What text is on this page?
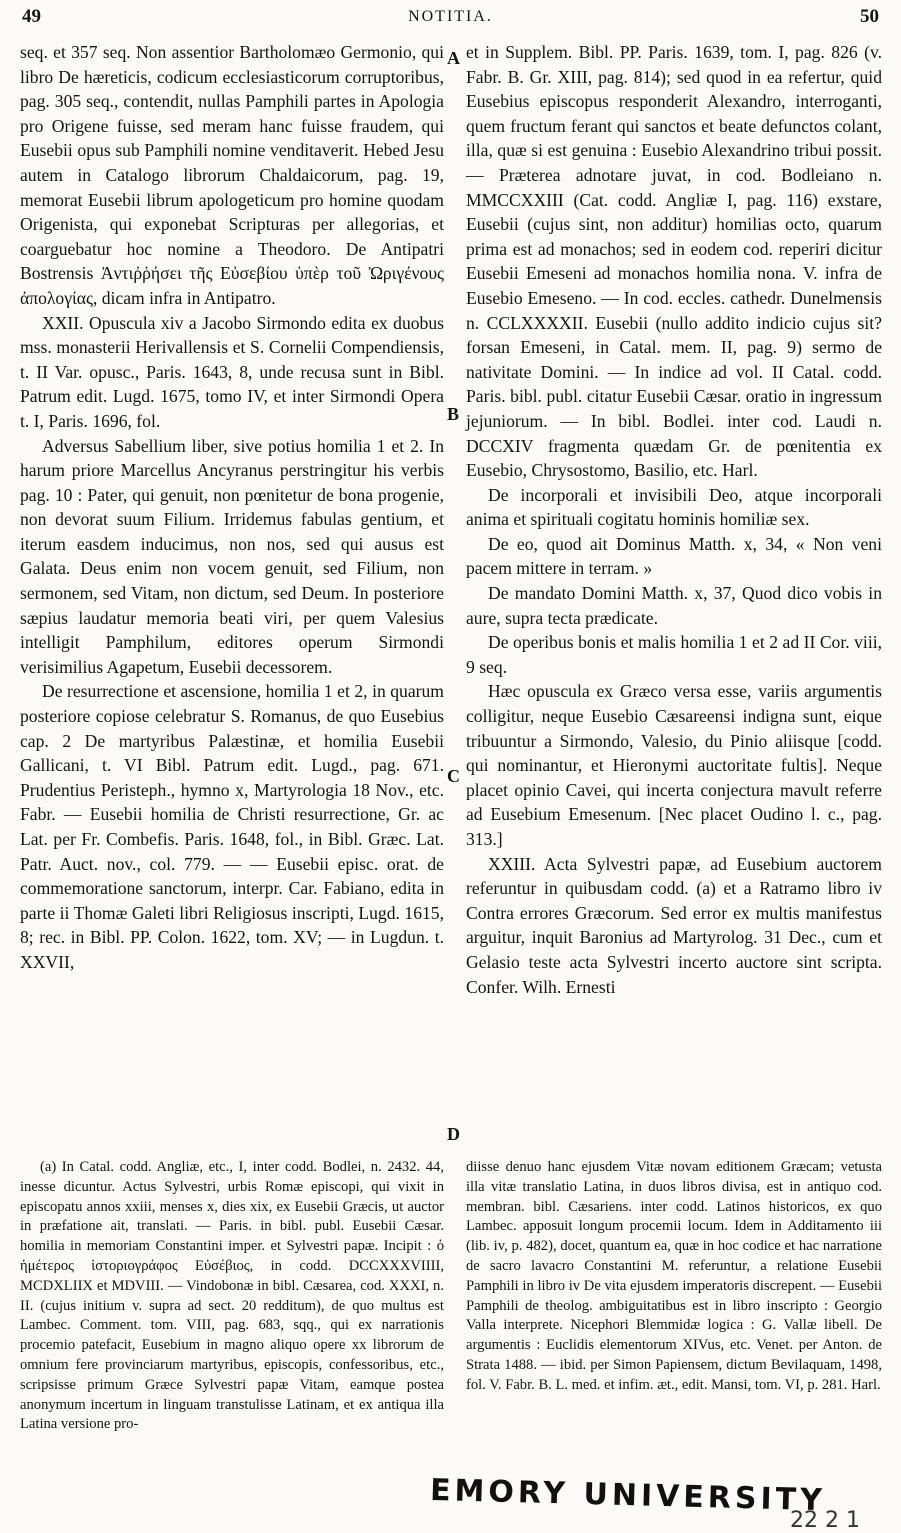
49	NOTITIA.	50
A
B
C
D

seq. et 357 seq. Non assentior Bartholomæo Germonio, qui libro De hæreticis, codicum ecclesiasticorum corruptoribus, pag. 305 seq., contendit, nullas Pamphili partes in Apologia pro Origene fuisse, sed meram hanc fuisse fraudem, qui Eusebii opus sub Pamphili nomine venditaverit. Hebed Jesu autem in Catalogo librorum Chaldaicorum, pag. 19, memorat Eusebii librum apologeticum pro homine quodam Origenista, qui exponebat Scripturas per allegorias, et coarguebatur hoc nomine a Theodoro. De Antipatri Bostrensis Ἀντιῤῥήσει τῆς Εὐσεβίου ὑπὲρ τοῦ Ὠριγένους ἀπολογίας, dicam infra in Antipatro.

XXII. Opuscula xiv a Jacobo Sirmondo edita ex duobus mss. monasterii Herivallensis et S. Cornelii Compendiensis, t. II Var. opusc., Paris. 1643, 8, unde recusa sunt in Bibl. Patrum edit. Lugd. 1675, tomo IV, et inter Sirmondi Opera t. I, Paris. 1696, fol.

Adversus Sabellium liber, sive potius homilia 1 et 2. In harum priore Marcellus Ancyranus perstringitur his verbis pag. 10 : Pater, qui genuit, non pœnitetur de bona progenie, non devorat suum Filium. Irridemus fabulas gentium, et iterum easdem inducimus, non nos, sed qui ausus est Galata. Deus enim non vocem genuit, sed Filium, non sermonem, sed Vitam, non dictum, sed Deum. In posteriore sæpius laudatur memoria beati viri, per quem Valesius intelligit Pamphilum, editores operum Sirmondi verisimilius Agapetum, Eusebii decessorem.

De resurrectione et ascensione, homilia 1 et 2, in quarum posteriore copiose celebratur S. Romanus, de quo Eusebius cap. 2 De martyribus Palæstinæ, et homilia Eusebii Gallicani, t. VI Bibl. Patrum edit. Lugd., pag. 671. Prudentius Peristeph., hymno x, Martyrologia 18 Nov., etc. Fabr. — Eusebii homilia de Christi resurrectione, Gr. ac Lat. per Fr. Combefis. Paris. 1648, fol., in Bibl. Græc. Lat. Patr. Auct. nov., col. 779. — — Eusebii episc. orat. de commemoratione sanctorum, interpr. Car. Fabiano, edita in parte ii Thomæ Galeti libri Religiosus inscripti, Lugd. 1615, 8; rec. in Bibl. PP. Colon. 1622, tom. XV; — in Lugdun. t. XXVII,

et in Supplem. Bibl. PP. Paris. 1639, tom. I, pag. 826 (v. Fabr. B. Gr. XIII, pag. 814); sed quod in ea refertur, quid Eusebius episcopus responderit Alexandro, interroganti, quem fructum ferant qui sanctos et beate defunctos colant, illa, quæ si est genuina : Eusebio Alexandrino tribui possit. — Præterea adnotare juvat, in cod. Bodleiano n. MMCCXXIII (Cat. codd. Angliæ I, pag. 116) exstare, Eusebii (cujus sint, non additur) homilias octo, quarum prima est ad monachos; sed in eodem cod. reperiri dicitur Eusebii Emeseni ad monachos homilia nona. V. infra de Eusebio Emeseno. — In cod. eccles. cathedr. Dunelmensis n. CCLXXXXII. Eusebii (nullo addito indicio cujus sit? forsan Emeseni, in Catal. mem. II, pag. 9) sermo de nativitate Domini. — In indice ad vol. II Catal. codd. Paris. bibl. publ. citatur Eusebii Cæsar. oratio in ingressum jejuniorum. — In bibl. Bodlei. inter cod. Laudi n. DCCXIV fragmenta quædam Gr. de pœnitentia ex Eusebio, Chrysostomo, Basilio, etc. Harl.

De incorporali et invisibili Deo, atque incorporali anima et spirituali cogitatu hominis homiliæ sex.

De eo, quod ait Dominus Matth. x, 34, « Non veni pacem mittere in terram. »

De mandato Domini Matth. x, 37, Quod dico vobis in aure, supra tecta prædicate.

De operibus bonis et malis homilia 1 et 2 ad II Cor. viii, 9 seq.

Hæc opuscula ex Græco versa esse, variis argumentis colligitur, neque Eusebio Cæsareensi indigna sunt, eique tribuuntur a Sirmondo, Valesio, du Pinio aliisque [codd. qui nominantur, et Hieronymi auctoritate fultis]. Neque placet opinio Cavei, qui incerta conjectura mavult referre ad Eusebium Emesenum. [Nec placet Oudino l. c., pag. 313.]

XXIII. Acta Sylvestri papæ, ad Eusebium auctorem referuntur in quibusdam codd. (a) et a Ratramo libro iv Contra errores Græcorum. Sed error ex multis manifestus arguitur, inquit Baronius ad Martyrolog. 31 Dec., cum et Gelasio teste acta Sylvestri incerto auctore sint scripta. Confer. Wilh. Ernesti

(a) In Catal. codd. Angliæ, etc., I, inter codd. Bodlei, n. 2432. 44, inesse dicuntur. Actus Sylvestri, urbis Romæ episcopi, qui vixit in episcopatu annos xxiii, menses x, dies xix, ex Eusebii Græcis, ut auctor in præfatione ait, translati. — Paris. in bibl. publ. Eusebii Cæsar. homilia in memoriam Constantini imper. et Sylvestri papæ. Incipit : ὁ ἡμέτερος ἱστοριογράφος Εὐσέβιος, in codd. DCCXXXVIIII, MCDXLIIX et MDVIII. — Vindobonæ in bibl. Cæsarea, cod. XXXI, n. II. (cujus initium v. supra ad sect. 20 redditum), de quo multus est Lambec. Comment. tom. VIII, pag. 683, sqq., qui ex narrationis procemio patefacit, Eusebium in magno aliquo opere xx librorum de omnium fere provinciarum martyribus, episcopis, confessoribus, etc., scripsisse primum Græce Sylvestri papæ Vitam, eamque postea anonymum incertum in linguam transtulisse Latinam, et ex antiqua illa Latina versione pro-

diisse denuo hanc ejusdem Vitæ novam editionem Græcam; vetusta illa vitæ translatio Latina, in duos libros divisa, est in antiquo cod. membran. bibl. Cæsariens. inter codd. Latinos historicos, ex quo Lambec. apposuit longum procemii locum. Idem in Additamento iii (lib. iv, p. 482), docet, quantum ea, quæ in hoc codice et hac narratione de sacro lavacro Constantini M. referuntur, a relatione Eusebii Pamphili in libro iv De vita ejusdem imperatoris discrepent. — Eusebii Pamphili de theolog. ambiguitatibus est in libro inscripto : Georgio Valla interprete. Nicephori Blemmidæ logica : G. Vallæ libell. De argumentis : Euclidis elementorum XIVus, etc. Venet. per Anton. de Strata 1488. — ibid. per Simon Papiensem, dictum Bevilaquam, 1498, fol. V. Fabr. B. L. med. et infim. æt., edit. Mansi, tom. VI, p. 281. Harl.

EMORY UNIVERSITY
22 2 1
